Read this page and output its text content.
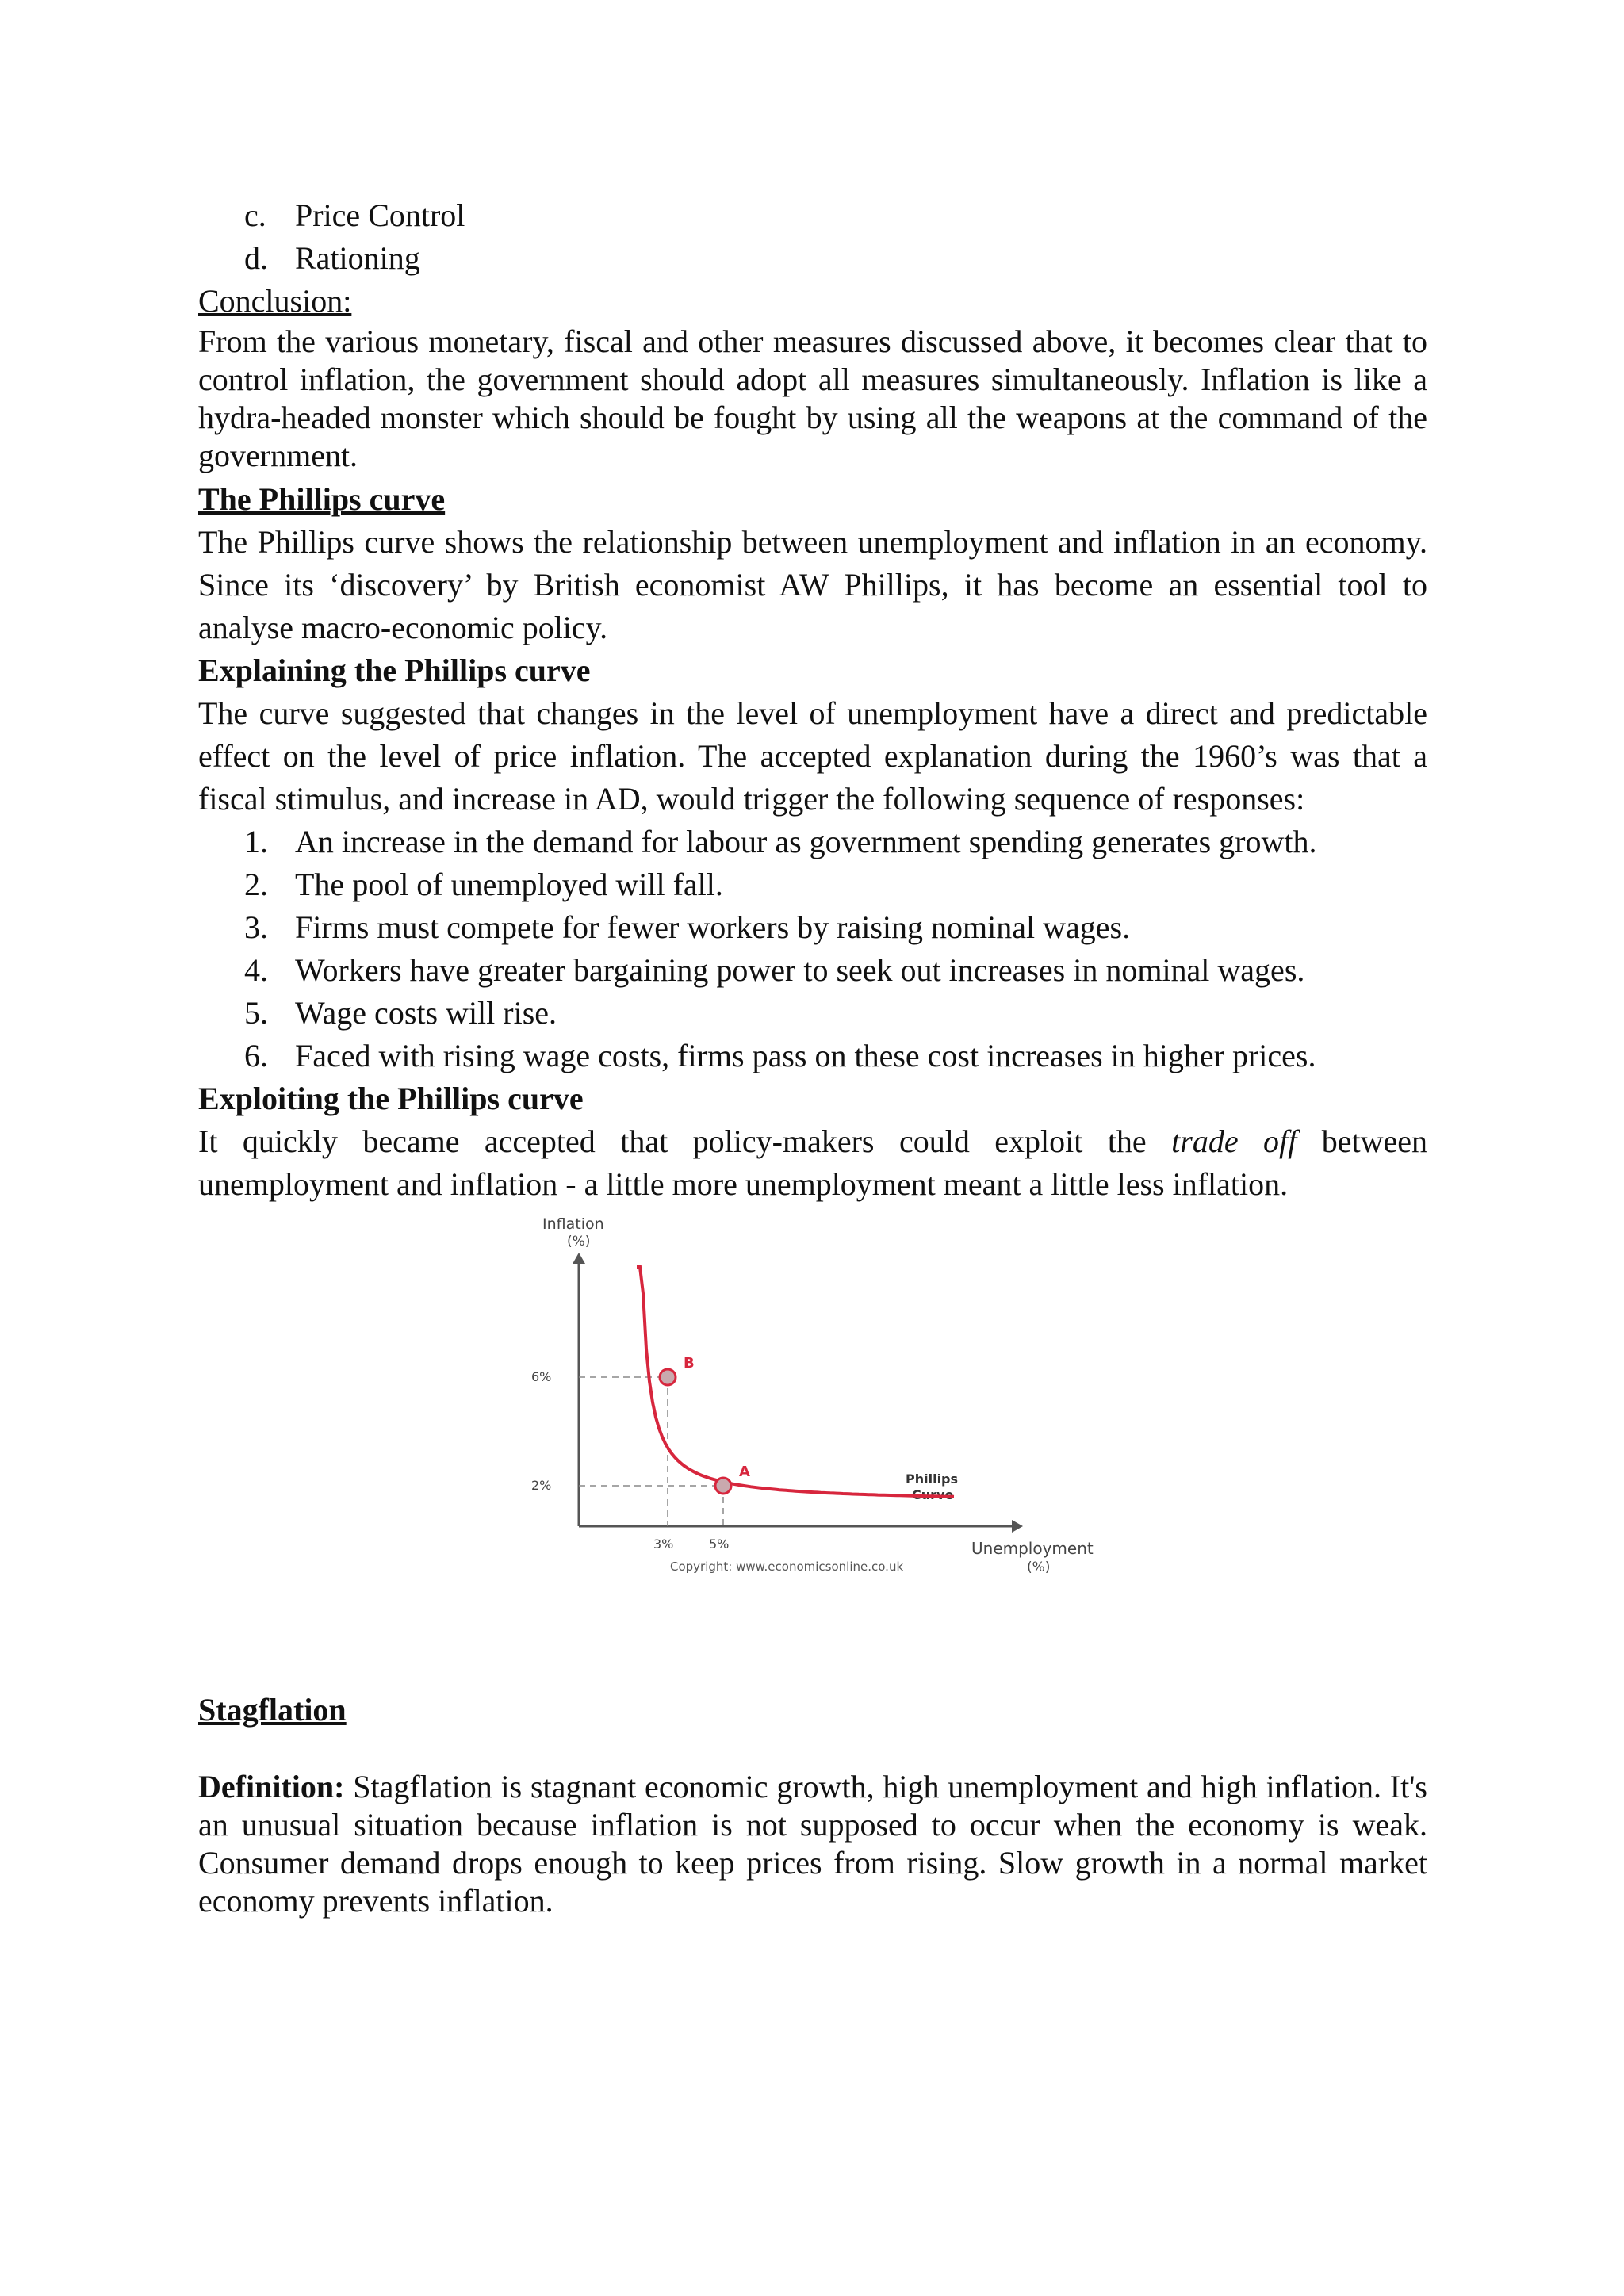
c. Price Control
d. Rationing

Conclusion:

From the various monetary, fiscal and other measures discussed above, it becomes clear that to control inflation, the government should adopt all measures simultaneously. Inflation is like a hydra-headed monster which should be fought by using all the weapons at the command of the government.

The Phillips curve

The Phillips curve shows the relationship between unemployment and inflation in an economy. Since its ‘discovery’ by British economist AW Phillips, it has become an essential tool to analyse macro-economic policy.

Explaining the Phillips curve

The curve suggested that changes in the level of unemployment have a direct and predictable effect on the level of price inflation. The accepted explanation during the 1960’s was that a fiscal stimulus, and increase in AD, would trigger the following sequence of responses:

1. An increase in the demand for labour as government spending generates growth.
2. The pool of unemployed will fall.
3. Firms must compete for fewer workers by raising nominal wages.
4. Workers have greater bargaining power to seek out increases in nominal wages.
5. Wage costs will rise.
6. Faced with rising wage costs, firms pass on these cost increases in higher prices.

Exploiting the Phillips curve

It quickly became accepted that policy-makers could exploit the trade off between unemployment and inflation - a little more unemployment meant a little less inflation.

Inflation
(%)
Unemployment
(%)
Copyright: www.economicsonline.co.uk
Phillips
Curve
6%
2%
3%	5%
B
A

Stagflation

Definition: Stagflation is stagnant economic growth, high unemployment and high inflation. It's an unusual situation because inflation is not supposed to occur when the economy is weak. Consumer demand drops enough to keep prices from rising. Slow growth in a normal market economy prevents inflation.
